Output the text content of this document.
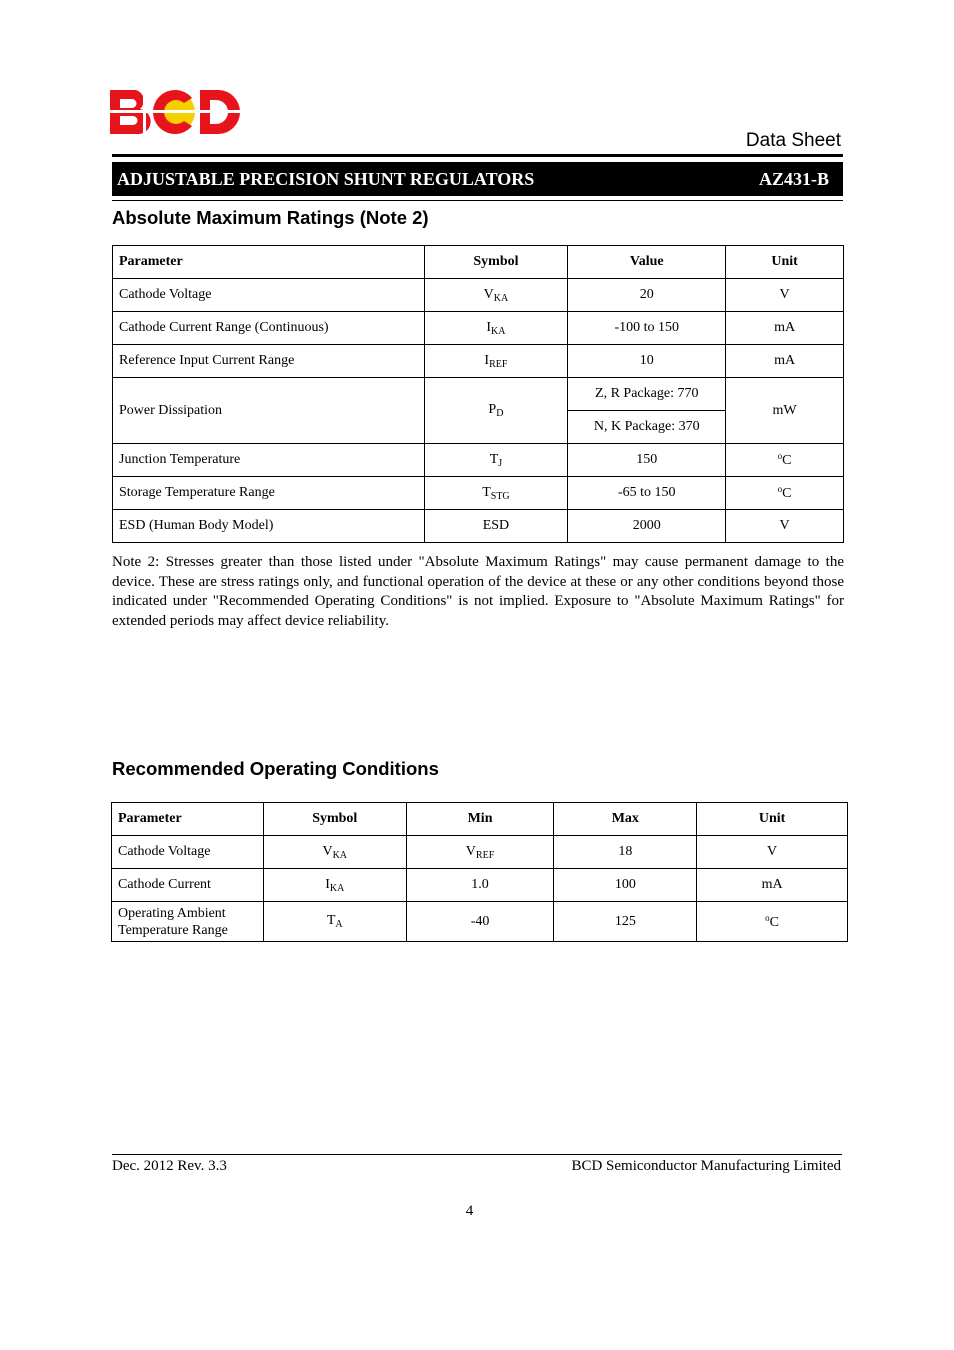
Data Sheet
ADJUSTABLE PRECISION SHUNT REGULATORS	AZ431-B
Absolute Maximum Ratings (Note 2)
Parameter	Symbol	Value	Unit
Cathode Voltage	$V_{KA}$	20	V
Cathode Current Range (Continuous)	$I_{KA}$	-100 to 150	mA
Reference Input Current Range	$I_{REF}$	10	mA
Power Dissipation	$P_D$	Z, R Package: 770	mW
		N, K Package: 370	
Junction Temperature	$T_J$	150	$^o$C
Storage Temperature Range	$T_{STG}$	-65 to 150	$^o$C
ESD (Human Body Model)	ESD	2000	V
Note 2: Stresses greater than those listed under "Absolute Maximum Ratings" may cause permanent damage to the device. These are stress ratings only, and functional operation of the device at these or any other conditions beyond those indicated under "Recommended Operating Conditions" is not implied. Exposure to "Absolute Maximum Ratings" for extended periods may affect device reliability.
Recommended Operating Conditions
Parameter	Symbol	Min	Max	Unit
Cathode Voltage	$V_{KA}$	$V_{REF}$	18	V
Cathode Current	$I_{KA}$	1.0	100	mA
Operating Ambient
Temperature Range	$T_A$	-40	125	$^o$C
Dec. 2012 Rev. 3.3	BCD Semiconductor Manufacturing Limited
4
